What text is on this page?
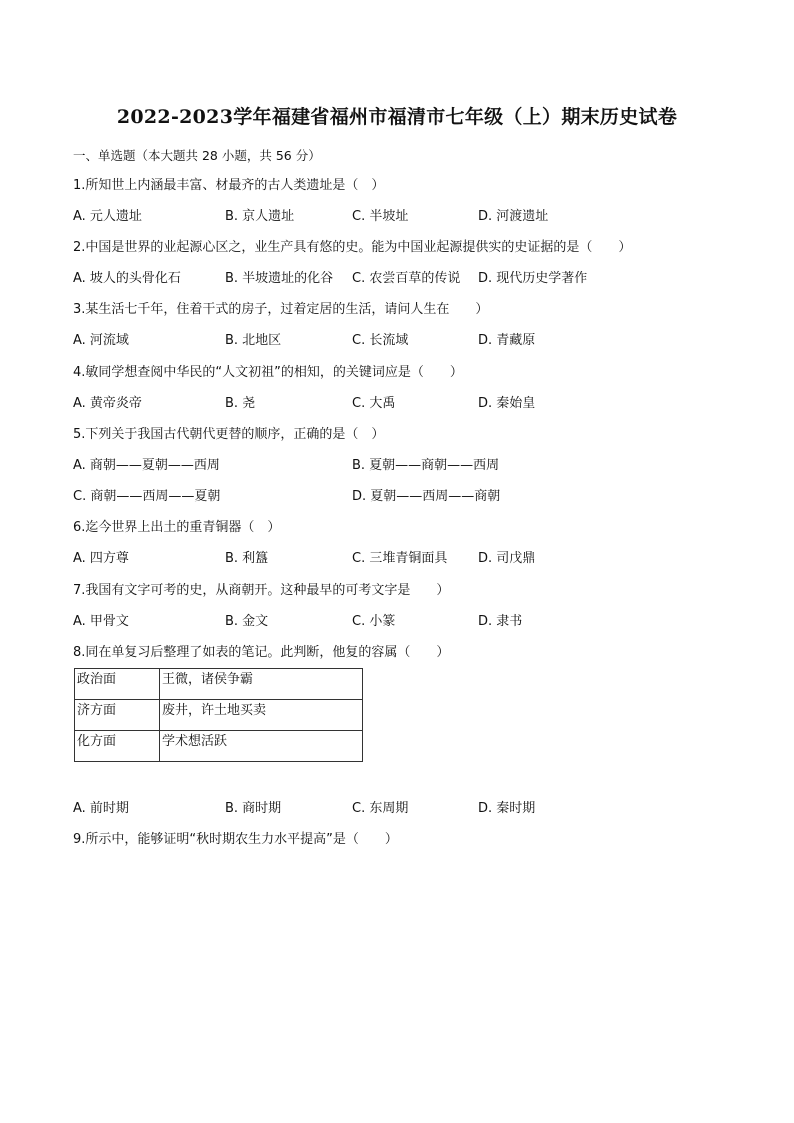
2022-2023学年福建省福州市福清市七年级（上）期末历史试卷
一、单选题（本大题共 28 小题，共 56 分）
1.所知世上内涵最丰富、材最齐的古人类遗址是（　）
A. 元人遗址	B. 京人遗址	C. 半坡址	D. 河渡遗址
2.中国是世界的业起源心区之，业生产具有悠的史。能为中国业起源提供实的史证据的是（　　）
A. 坡人的头骨化石	B. 半坡遗址的化谷 C. 农尝百草的传说 D. 现代历史学著作
3.某生活七千年，住着干式的房子，过着定居的生活，请问人生在　　）
A. 河流域	B. 北地区	C. 长流域	D. 青藏原
4.敏同学想查阅中华民的“人文初祖”的相知，的关键词应是（　　）
A. 黄帝炎帝	B. 尧	C. 大禹	D. 秦始皇
5.下列关于我国古代朝代更替的顺序，正确的是（　）
A. 商朝——夏朝——西周	B. 夏朝——商朝——西周
C. 商朝——西周——夏朝	D. 夏朝——西周——商朝
6.迄今世界上出土的重青铜器（　）
A. 四方尊	B. 利簋	C. 三堆青铜面具 D. 司戊鼎
7.我国有文字可考的史，从商朝开。这种最早的可考文字是　　）
A. 甲骨文	B. 金文	C. 小篆	D. 隶书
8.同在单复习后整理了如表的笔记。此判断，他复的容属（　　）
政治面	王微，诸侯争霸
济方面	废井，许土地买卖
化方面	学术想活跃
A. 前时期	B. 商时期	C. 东周期	D. 秦时期
9.所示中，能够证明“秋时期农生力水平提高”是（　　）
